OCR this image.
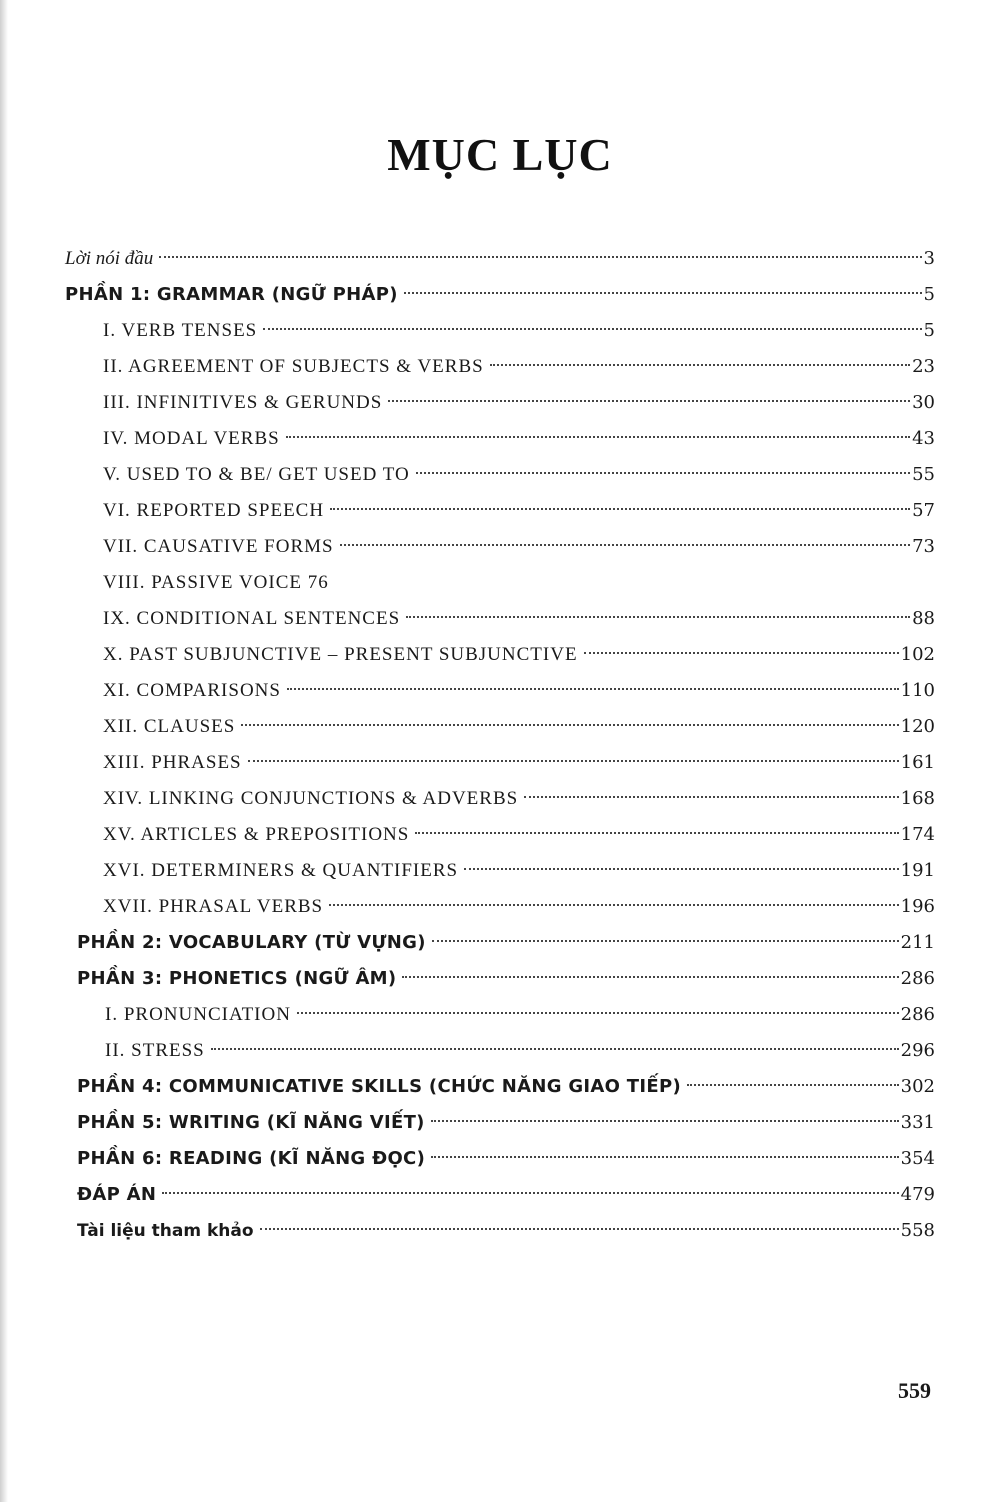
MỤC LỤC
Lời nói đầu	3
PHẦN 1: GRAMMAR (NGỮ PHÁP)	5
I. VERB TENSES	5
II. AGREEMENT OF SUBJECTS & VERBS	23
III. INFINITIVES & GERUNDS	30
IV. MODAL VERBS	43
V. USED TO & BE/ GET USED TO	55
VI. REPORTED SPEECH	57
VII. CAUSATIVE FORMS	73
VIII. PASSIVE VOICE 76
IX. CONDITIONAL SENTENCES	88
X. PAST SUBJUNCTIVE – PRESENT SUBJUNCTIVE	102
XI. COMPARISONS	110
XII. CLAUSES	120
XIII. PHRASES	161
XIV. LINKING CONJUNCTIONS & ADVERBS	168
XV. ARTICLES & PREPOSITIONS	174
XVI. DETERMINERS & QUANTIFIERS	191
XVII. PHRASAL VERBS	196
PHẦN 2: VOCABULARY (TỪ VỰNG)	211
PHẦN 3: PHONETICS (NGỮ ÂM)	286
I. PRONUNCIATION	286
II. STRESS	296
PHẦN 4: COMMUNICATIVE SKILLS (CHỨC NĂNG GIAO TIẾP)	302
PHẦN 5: WRITING (KĨ NĂNG VIẾT)	331
PHẦN 6: READING (KĨ NĂNG ĐỌC)	354
ĐÁP ÁN	479
Tài liệu tham khảo	558
559
